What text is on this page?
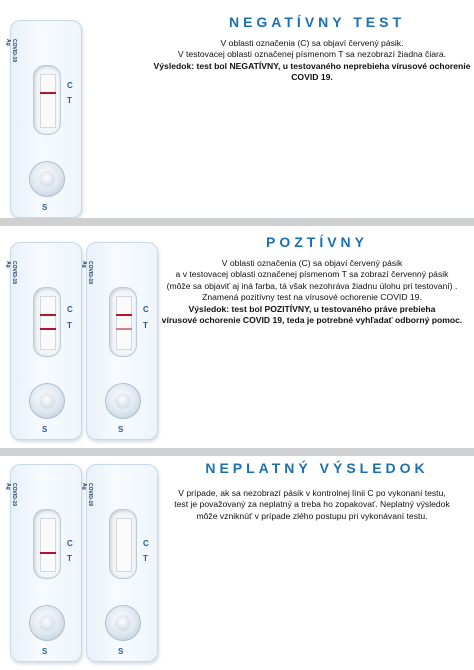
COVID-19
Ag
C
T
S
NEGATÍVNY TEST
V oblasti označenia (C) sa objaví červený pásik.
V testovacej oblasti označenej písmenom T sa nezobrazí žiadna čiara.
Výsledok: test bol NEGATÍVNY, u testovaného neprebieha vírusové ochorenie
COVID 19.
COVID-19
Ag
C
T
S
COVID-19
Ag
C
T
S
POZTÍVNY
V oblasti označenia (C) sa objaví červený pásik
a v testovacej oblasti označenej písmenom T sa zobrazí červenný pásik
(môže sa objaviť aj iná farba, tá však nezohráva žiadnu úlohu pri testovaní) .
Znamená pozitívny test na vírusové ochorenie COVID 19.
Výsledok: test bol POZITÍVNY, u testovaného práve prebieha
vírusové ochorenie COVID 19, teda je potrebné vyhľadať odborný pomoc.
COVID-19
Ag
C
T
S
COVID-19
Ag
C
T
S
NEPLATNÝ VÝSLEDOK
V prípade, ak sa nezobrazí pásik v kontrolnej línii C po vykonaní testu,
test je považovaný za neplatný a treba ho zopakovať. Neplatný výsledok
môže vzniknúť v prípade zlého postupu pri vykonávaní testu.
